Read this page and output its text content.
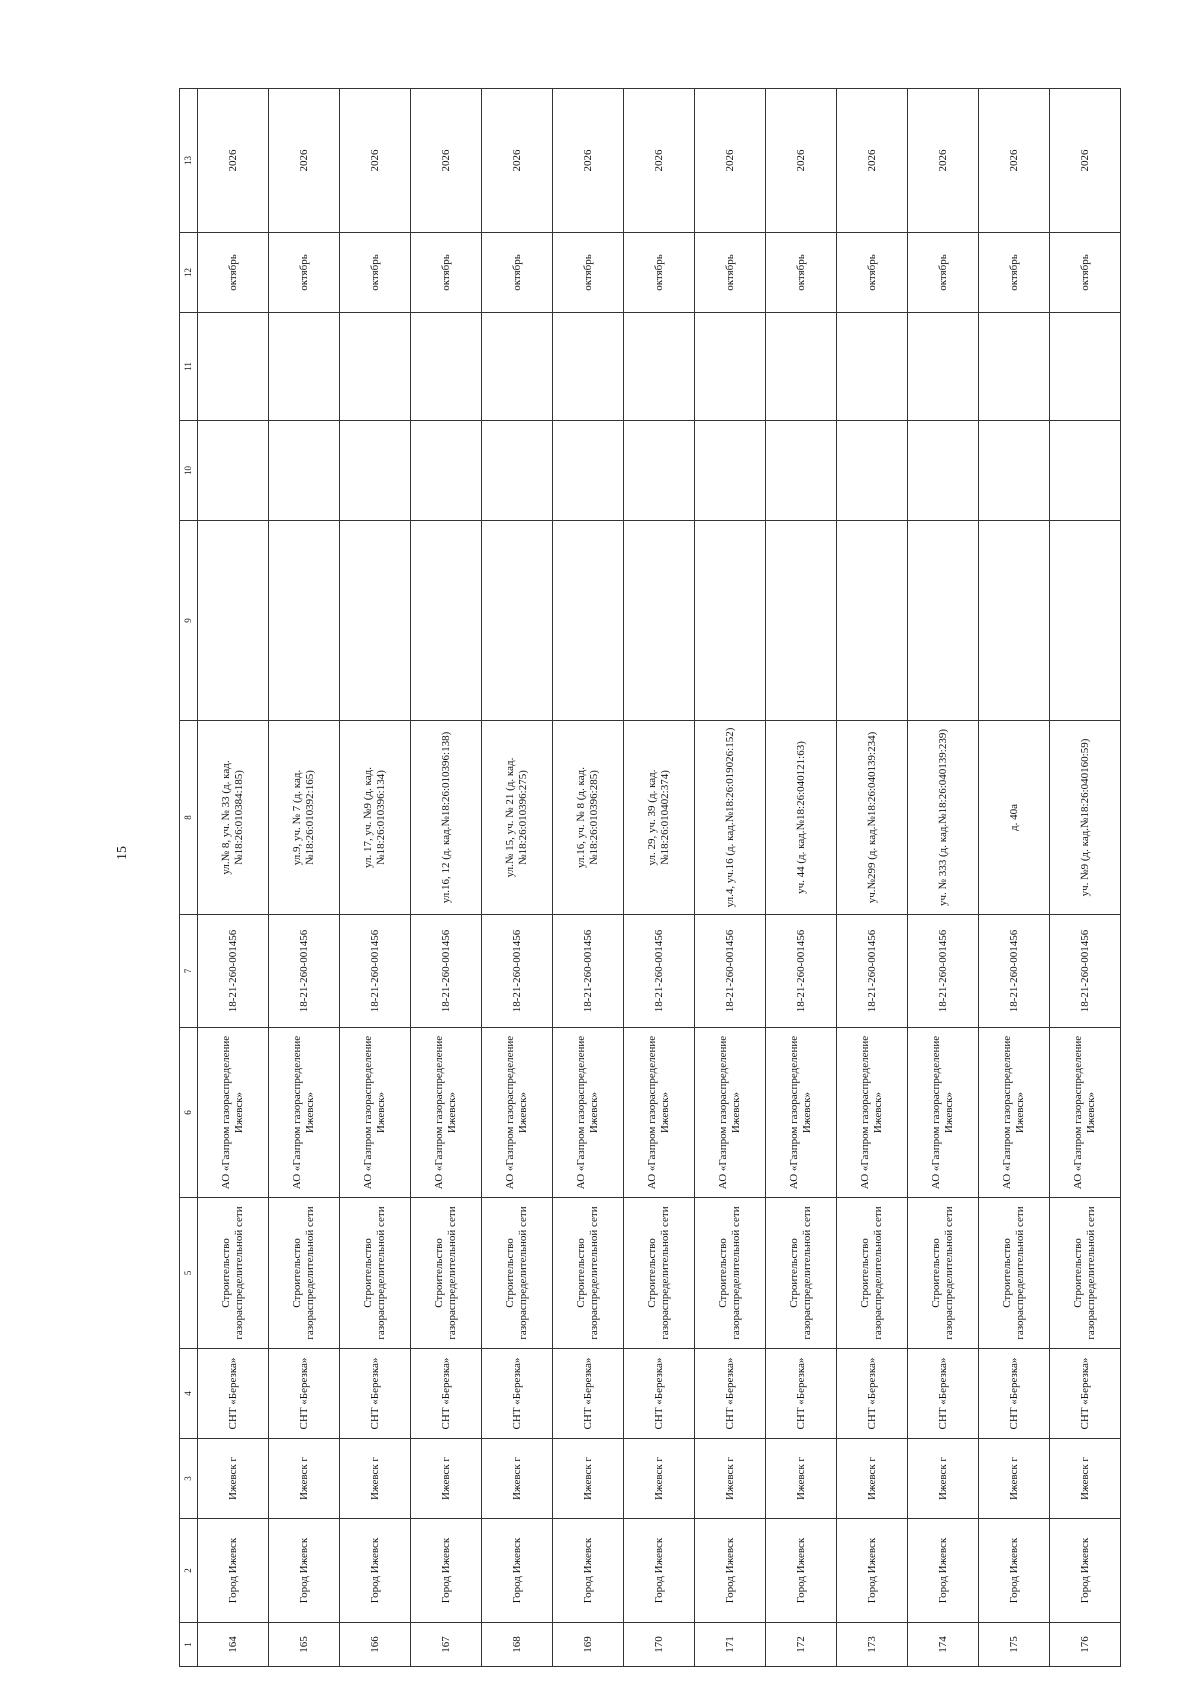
15
1	2	3	4	5	6	7	8	9	10	11	12	13
164	Город Ижевск	Ижевск г	СНТ «Березка»	Строительство газораспределительной сети	АО «Газпром газораспределение Ижевск»	18-21-260-001456	ул.№ 8, уч. № 33 (д. кад.№18:26:010384:185)				октябрь	2026
165	Город Ижевск	Ижевск г	СНТ «Березка»	Строительство газораспределительной сети	АО «Газпром газораспределение Ижевск»	18-21-260-001456	ул.9, уч. № 7 (д. кад.№18:26:010392:165)				октябрь	2026
166	Город Ижевск	Ижевск г	СНТ «Березка»	Строительство газораспределительной сети	АО «Газпром газораспределение Ижевск»	18-21-260-001456	ул. 17, уч. №9 (д. кад.№18:26:010396:134)				октябрь	2026
167	Город Ижевск	Ижевск г	СНТ «Березка»	Строительство газораспределительной сети	АО «Газпром газораспределение Ижевск»	18-21-260-001456	ул.16, 12 (д. кад.№18:26:010396:138)				октябрь	2026
168	Город Ижевск	Ижевск г	СНТ «Березка»	Строительство газораспределительной сети	АО «Газпром газораспределение Ижевск»	18-21-260-001456	ул.№ 15, уч. № 21 (д. кад.№18:26:010396:275)				октябрь	2026
169	Город Ижевск	Ижевск г	СНТ «Березка»	Строительство газораспределительной сети	АО «Газпром газораспределение Ижевск»	18-21-260-001456	ул.16, уч. № 8 (д. кад.№18:26:010396:285)				октябрь	2026
170	Город Ижевск	Ижевск г	СНТ «Березка»	Строительство газораспределительной сети	АО «Газпром газораспределение Ижевск»	18-21-260-001456	ул. 29, уч. 39 (д. кад.№18:26:010402:374)				октябрь	2026
171	Город Ижевск	Ижевск г	СНТ «Березка»	Строительство газораспределительной сети	АО «Газпром газораспределение Ижевск»	18-21-260-001456	ул.4, уч.16 (д. кад.№18:26:019026:152)				октябрь	2026
172	Город Ижевск	Ижевск г	СНТ «Березка»	Строительство газораспределительной сети	АО «Газпром газораспределение Ижевск»	18-21-260-001456	уч. 44 (д. кад.№18:26:040121:63)				октябрь	2026
173	Город Ижевск	Ижевск г	СНТ «Березка»	Строительство газораспределительной сети	АО «Газпром газораспределение Ижевск»	18-21-260-001456	уч.№299 (д. кад.№18:26:040139:234)				октябрь	2026
174	Город Ижевск	Ижевск г	СНТ «Березка»	Строительство газораспределительной сети	АО «Газпром газораспределение Ижевск»	18-21-260-001456	уч. № 333 (д. кад.№18:26:040139:239)				октябрь	2026
175	Город Ижевск	Ижевск г	СНТ «Березка»	Строительство газораспределительной сети	АО «Газпром газораспределение Ижевск»	18-21-260-001456	д. 40а				октябрь	2026
176	Город Ижевск	Ижевск г	СНТ «Березка»	Строительство газораспределительной сети	АО «Газпром газораспределение Ижевск»	18-21-260-001456	уч. №9 (д. кад.№18:26:040160:59)				октябрь	2026
